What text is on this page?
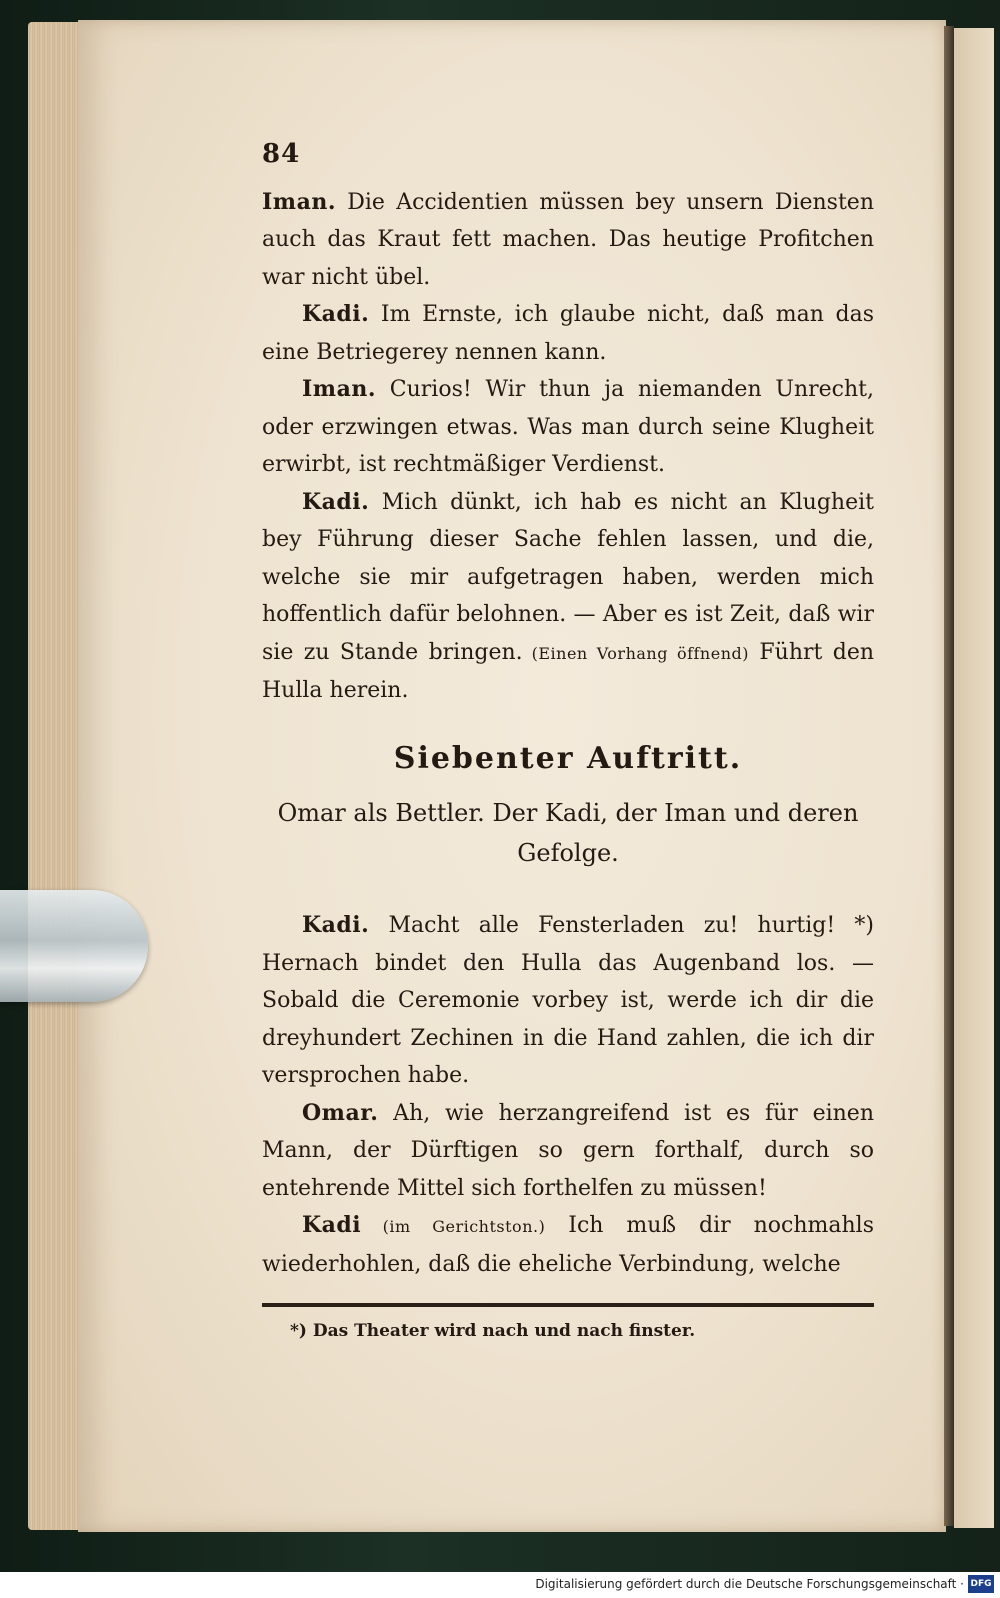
84

Iman. Die Accidentien müssen bey unsern Diensten auch das Kraut fett machen. Das heutige Profitchen war nicht übel.

Kadi. Im Ernste, ich glaube nicht, daß man das eine Betriegerey nennen kann.

Iman. Curios! Wir thun ja niemanden Unrecht, oder erzwingen etwas. Was man durch seine Klugheit erwirbt, ist rechtmäßiger Verdienst.

Kadi. Mich dünkt, ich hab es nicht an Klugheit bey Führung dieser Sache fehlen lassen, und die, welche sie mir aufgetragen haben, werden mich hoffentlich dafür belohnen. — Aber es ist Zeit, daß wir sie zu Stande bringen. (Einen Vorhang öffnend) Führt den Hulla herein.

Siebenter Auftritt.
Omar als Bettler. Der Kadi, der Iman und deren Gefolge.

Kadi. Macht alle Fensterladen zu! hurtig! *) Hernach bindet den Hulla das Augenband los. — Sobald die Ceremonie vorbey ist, werde ich dir die dreyhundert Zechinen in die Hand zahlen, die ich dir versprochen habe.

Omar. Ah, wie herzangreifend ist es für einen Mann, der Dürftigen so gern forthalf, durch so entehrende Mittel sich forthelfen zu müssen!

Kadi (im Gerichtston.) Ich muß dir nochmahls wiederhohlen, daß die eheliche Verbindung, welche

*) Das Theater wird nach und nach finster.
Digitalisierung gefördert durch die Deutsche Forschungsgemeinschaft · DFG
